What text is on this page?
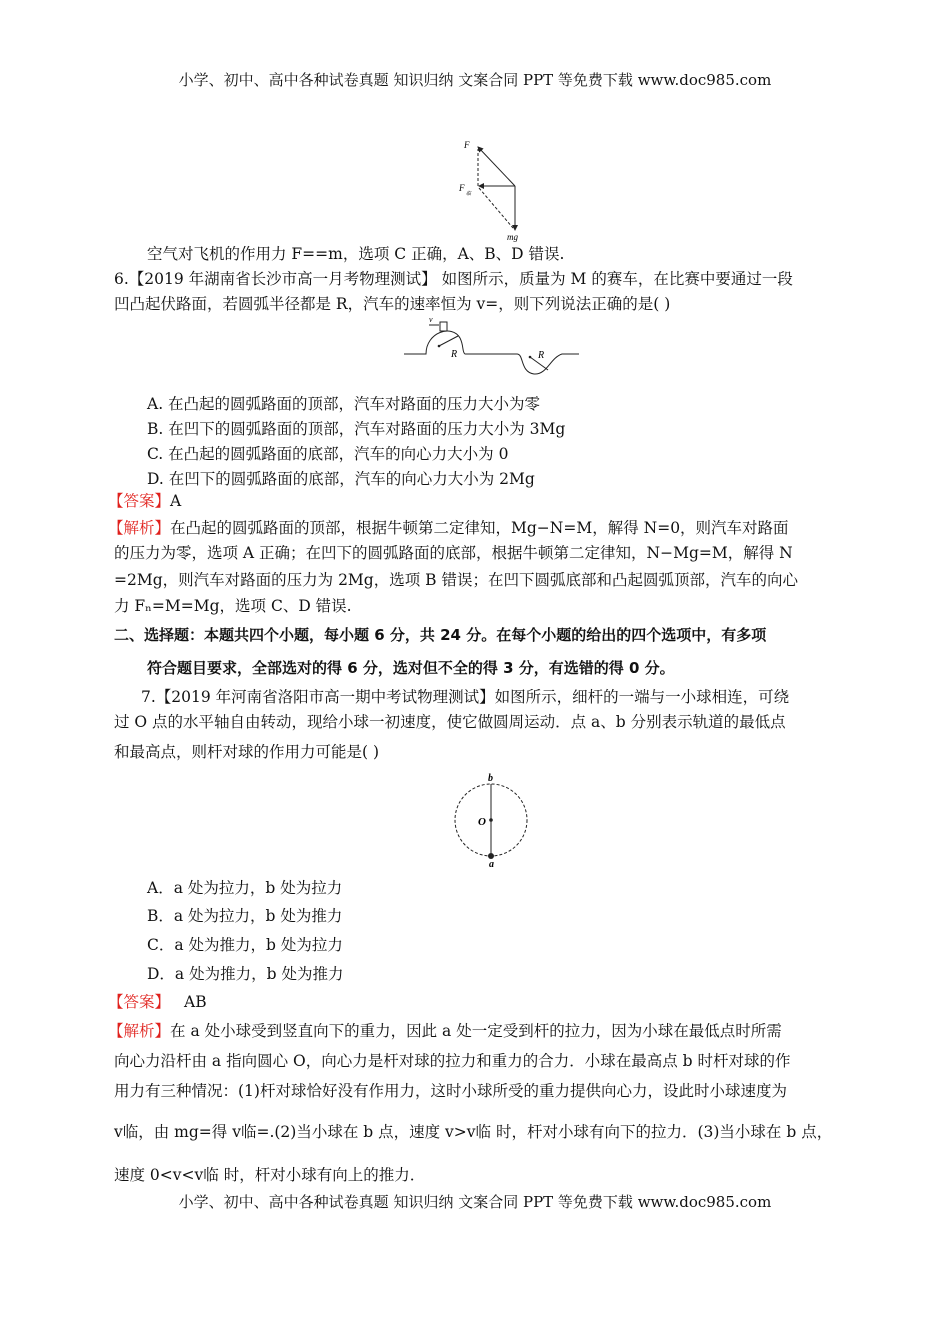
小学、初中、高中各种试卷真题 知识归纳 文案合同 PPT 等免费下载 www.doc985.com
F
F
临
mg
空气对飞机的作用力 F==m，选项 C 正确，A、B、D 错误.
6.【2019 年湖南省长沙市高一月考物理测试】 如图所示，质量为 M 的赛车，在比赛中要通过一段
凹凸起伏路面，若圆弧半径都是 R，汽车的速率恒为 v=，则下列说法正确的是( )
v
R	R
A. 在凸起的圆弧路面的顶部，汽车对路面的压力大小为零
B. 在凹下的圆弧路面的顶部，汽车对路面的压力大小为 3Mg
C. 在凸起的圆弧路面的底部，汽车的向心力大小为 0
D. 在凹下的圆弧路面的底部，汽车的向心力大小为 2Mg
【答案】A
【解析】在凸起的圆弧路面的顶部，根据牛顿第二定律知，Mg−N=M，解得 N=0，则汽车对路面
的压力为零，选项 A 正确；在凹下的圆弧路面的底部，根据牛顿第二定律知，N−Mg=M，解得 N
=2Mg，则汽车对路面的压力为 2Mg，选项 B 错误；在凹下圆弧底部和凸起圆弧顶部，汽车的向心
力 Fₙ=M=Mg，选项 C、D 错误.
二、选择题：本题共四个小题，每小题 6 分，共 24 分。在每个小题的给出的四个选项中，有多项
符合题目要求，全部选对的得 6 分，选对但不全的得 3 分，有选错的得 0 分。
7.【2019 年河南省洛阳市高一期中考试物理测试】如图所示，细杆的一端与一小球相连，可绕
过 O 点的水平轴自由转动，现给小球一初速度，使它做圆周运动．点 a、b 分别表示轨道的最低点
和最高点，则杆对球的作用力可能是( )
b
O
a
A．a 处为拉力，b 处为拉力
B．a 处为拉力，b 处为推力
C．a 处为推力，b 处为拉力
D．a 处为推力，b 处为推力
【答案】 AB
【解析】在 a 处小球受到竖直向下的重力，因此 a 处一定受到杆的拉力，因为小球在最低点时所需
向心力沿杆由 a 指向圆心 O，向心力是杆对球的拉力和重力的合力．小球在最高点 b 时杆对球的作
用力有三种情况：(1)杆对球恰好没有作用力，这时小球所受的重力提供向心力，设此时小球速度为
v临，由 mg=得 v临=.(2)当小球在 b 点，速度 v>v临 时，杆对小球有向下的拉力．(3)当小球在 b 点，
速度 0<v<v临 时，杆对小球有向上的推力．
小学、初中、高中各种试卷真题 知识归纳 文案合同 PPT 等免费下载 www.doc985.com
